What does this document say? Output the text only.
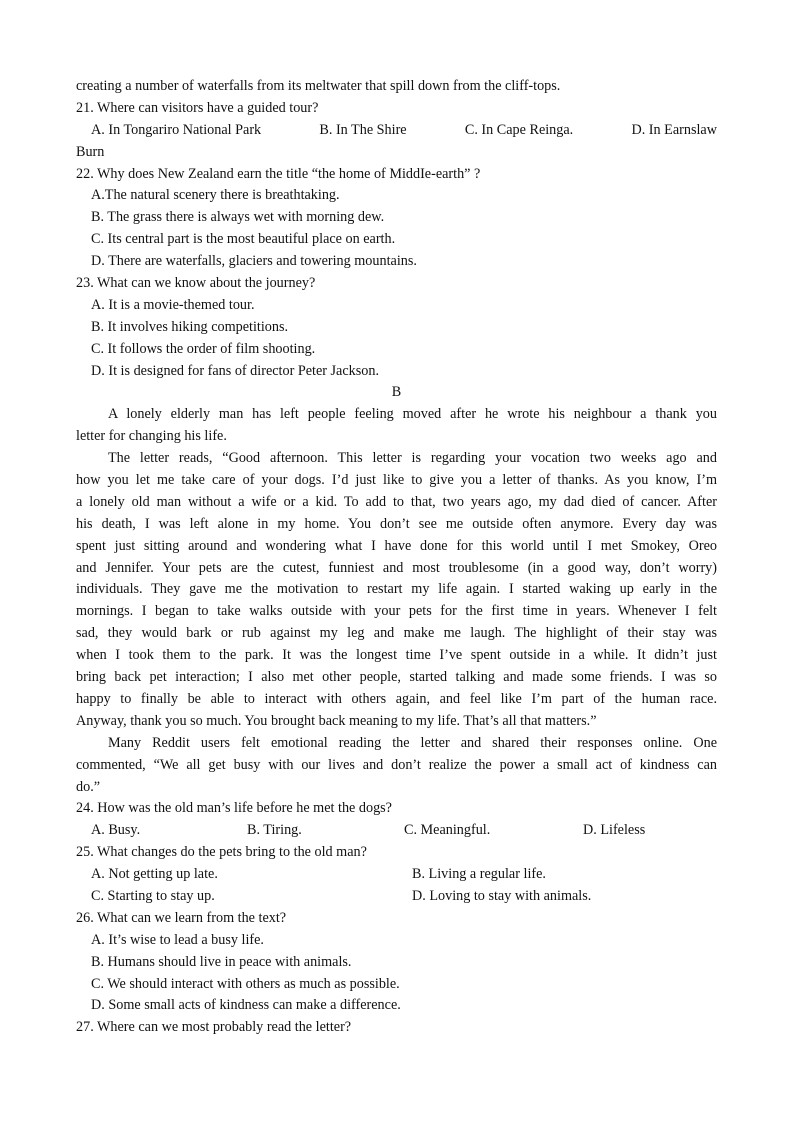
creating a number of waterfalls from its meltwater that spill down from the cliff-tops.
21. Where can visitors have a guided tour?
A. In Tongariro National Park	B. In The Shire	C. In Cape Reinga.	D. In Earnslaw
Burn
22. Why does New Zealand earn the title “the home of MiddIe-earth” ?
A.The natural scenery there is breathtaking.
B. The grass there is always wet with morning dew.
C. Its central part is the most beautiful place on earth.
D. There are waterfalls, glaciers and towering mountains.
23. What can we know about the journey?
A. It is a movie-themed tour.
B. It involves hiking competitions.
C. It follows the order of film shooting.
D. It is designed for fans of director Peter Jackson.
B
A lonely elderly man has left people feeling moved after he wrote his neighbour a thank you
letter for changing his life.
The letter reads, “Good afternoon. This letter is regarding your vocation two weeks ago and
how you let me take care of your dogs. I’d just like to give you a letter of thanks. As you know, I’m
a lonely old man without a wife or a kid. To add to that, two years ago, my dad died of cancer. After
his death, I was left alone in my home. You don’t see me outside often anymore. Every day was
spent just sitting around and wondering what I have done for this world until I met Smokey, Oreo
and Jennifer. Your pets are the cutest, funniest and most troublesome (in a good way, don’t worry)
individuals. They gave me the motivation to restart my life again. I started waking up early in the
mornings. I began to take walks outside with your pets for the first time in years. Whenever I felt
sad, they would bark or rub against my leg and make me laugh. The highlight of their stay was
when I took them to the park. It was the longest time I’ve spent outside in a while. It didn’t just
bring back pet interaction; I also met other people, started talking and made some friends. I was so
happy to finally be able to interact with others again, and feel like I’m part of the human race.
Anyway, thank you so much. You brought back meaning to my life. That’s all that matters.”
Many Reddit users felt emotional reading the letter and shared their responses online. One
commented, “We all get busy with our lives and don’t realize the power a small act of kindness can
do.”
24. How was the old man’s life before he met the dogs?
A. Busy.	B. Tiring.	C. Meaningful.	D. Lifeless
25. What changes do the pets bring to the old man?
A. Not getting up late.	B. Living a regular life.
C. Starting to stay up.	D. Loving to stay with animals.
26. What can we learn from the text?
A. It’s wise to lead a busy life.
B. Humans should live in peace with animals.
C. We should interact with others as much as possible.
D. Some small acts of kindness can make a difference.
27. Where can we most probably read the letter?
